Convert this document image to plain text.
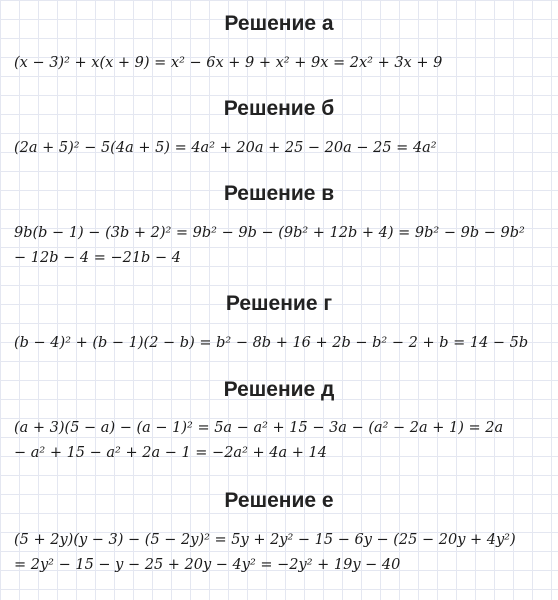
Решение а
(x − 3)² + x(x + 9) = x² − 6x + 9 + x² + 9x = 2x² + 3x + 9
Решение б
(2a + 5)² − 5(4a + 5) = 4a² + 20a + 25 − 20a − 25 = 4a²
Решение в
9b(b − 1) − (3b + 2)² = 9b² − 9b − (9b² + 12b + 4) = 9b² − 9b − 9b²
− 12b − 4 = −21b − 4
Решение г
(b − 4)² + (b − 1)(2 − b) = b² − 8b + 16 + 2b − b² − 2 + b = 14 − 5b
Решение д
(a + 3)(5 − a) − (a − 1)² = 5a − a² + 15 − 3a − (a² − 2a + 1) = 2a
− a² + 15 − a² + 2a − 1 = −2a² + 4a + 14
Решение е
(5 + 2y)(y − 3) − (5 − 2y)² = 5y + 2y² − 15 − 6y − (25 − 20y + 4y²)
= 2y² − 15 − y − 25 + 20y − 4y² = −2y² + 19y − 40
